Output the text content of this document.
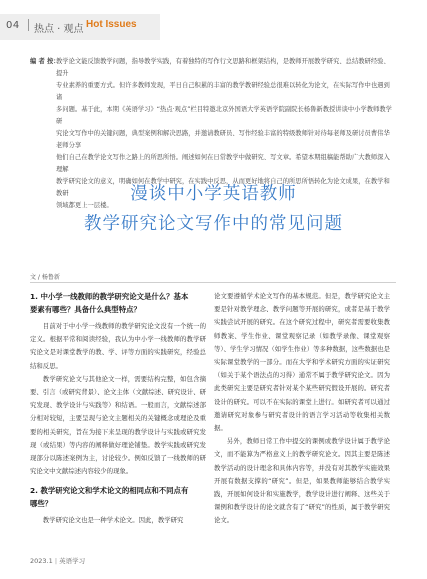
04 热点 · 观点 Hot Issues
编 者 按：
教学论文能反馈教学问题，指导教学实践，有着独特的写作行文思路和框架结构，是教师开展教学研究、总结教研经验、提升
专业素养的重要方式。但许多教师发现，平日自己积累的丰富的教学教研经验总很难以转化为论文，在实际写作中也遇到诸
多问题。基于此，本期《英语学习》“热点·观点”栏目特邀北京外国语大学英语学院副院长杨鲁新教授讲谈中小学教师教学研
究论文写作中的关键问题，典型案例和解决思路，并邀请教研员、写作经验丰富的特级教师针对待每老师及研讨员曹伟华老师分享
他们自己在教学论文写作之路上的所思所悟。阐述如何在日常教学中做研究、写文章。希望本期组稿能帮助广大教师深入理解
教学研究论文的意义，明确如何在教学中研究，在实践中反思，从而更好地将自己的所思所悟转化为论文成果，在教学和教研
领域都更上一层楼。
漫谈中小学英语教师
教学研究论文写作中的常见问题
文 / 杨鲁新
1. 中小学一线教师的教学研究论文是什么？基本
要素有哪些？具备什么典型特点？

目前对于中小学一线教师的教学研究论文没有一个统一的定义。根据平常和阅读经验，我认为中小学一线教师的教学研究论文是对课堂教学的教、学、评等方面的实践研究，经验总结和反思。

教学研究论文与其他论文一样，需要结构完整，如包含摘要、引言（或研究背景）、论文主体（文献综述、研究设计、研究发现、教学设计与实践等）和结语。一般而言，文献综述部分相对较短，主要呈现与论文主题相关的关键概念或理论及重要的相关研究，旨在为接下来呈现的教学设计与实践或研究发现（或结果）等内容的阐释做好理论铺垫。教学实践或研究发现部分以陈述案例为主，讨论较少。例如反馈了一线教师的研究论文中文献综述内容较少的现象。

2. 教学研究论文和学术论文的相同点和不同点有
哪些？

教学研究论文也是一种学术论文。因此，教学研究

论文要遵循学术论文写作的基本规范。但是，教学研究论文主要是针对教学理念、教学问题等开展的研究，或者是基于教学实践尝试开展的研究。在这个研究过程中，研究者需要收集教师教案、学生作业、课堂观察记录（如教学录像、课堂观察等）、学生学习情况（如学生作业）等多种数据，这些数据也是实际课堂教学的一部分。而在大学和学术研究方面的实证研究（如关于某个语法点的习得）通常不属于教学研究论文。因为此类研究主要是研究者针对某个某些研究假设开展的。研究者设计的研究。可以不在实际的课堂上进行。如研究者可以通过邀请研究对象参与研究者设计的语言学习活动等收集相关数据。

另外，教师日常工作中提交的课例或教学设计属于教学论文，而不能算为严格意义上的教学研究论文。因其主要是陈述教学活动的设计理念和具体内容等，并没有对其教学实施效果开展有数据支撑的“研究”。但是，如果教师能够结合教学实践，开展如何设计和实施教学，教学设计进行阐释、这些关于课例和教学设计的论文就含有了“研究”的性质，属于教学研究论文。

2023.1 | 英语学习
